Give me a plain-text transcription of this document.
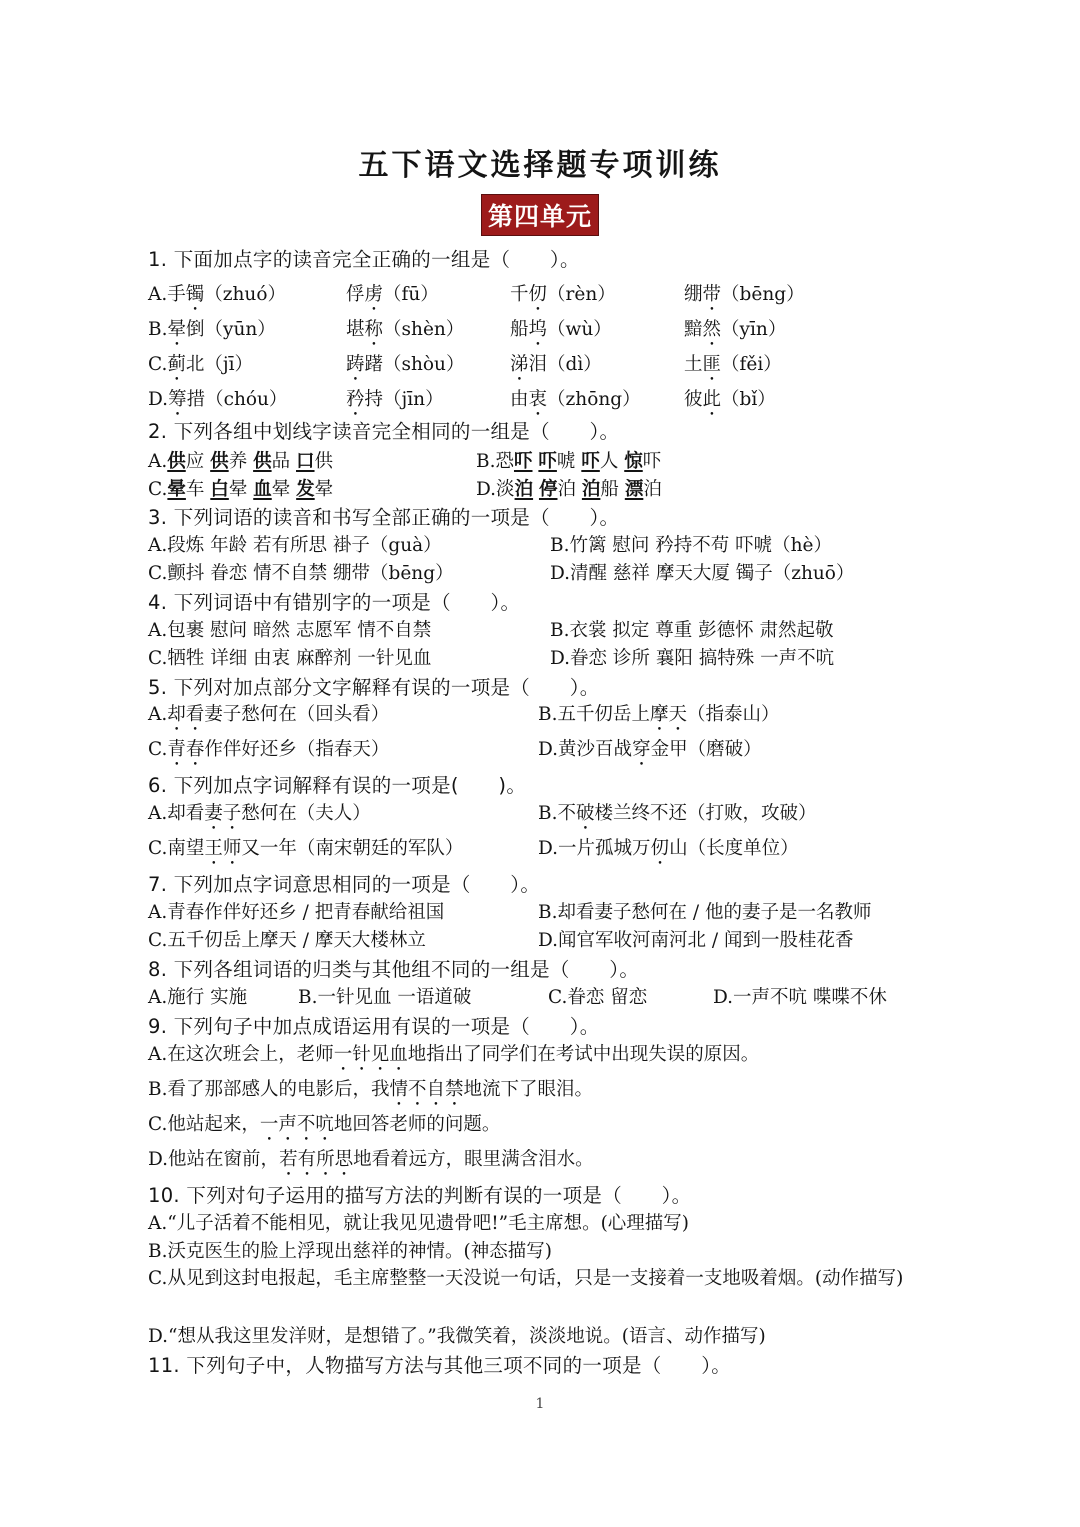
五下语文选择题专项训练
第四单元
1. 下面加点字的读音完全正确的一组是（　　）。
A.手镯（zhuó）	俘虏（fū）	千仞（rèn）	绷带（bēng）
B.晕倒（yūn）	堪称（shèn） 船坞（wù）	黯然（yīn）
C.蓟北（jī）	踌躇（shòu） 涕泪（dì）	土匪（fěi）
D.筹措（chóu）	矜持（jīn）	由衷（zhōng） 彼此（bǐ）
2. 下列各组中划线字读音完全相同的一组是（　　）。
A.供应 供养 供品 口供	B.恐吓 吓唬 吓人 惊吓
C.晕车 白晕 血晕 发晕	D.淡泊 停泊 泊船 漂泊
3. 下列词语的读音和书写全部正确的一项是（　　）。
A.段炼 年龄 若有所思 褂子（guà）	B.竹篱 慰问 矜持不苟 吓唬（hè）
C.颤抖 眷恋 情不自禁 绷带（bēng）	D.清醒 慈祥 摩天大厦 镯子（zhuō）
4. 下列词语中有错别字的一项是（　　）。
A.包裹 慰问 暗然 志愿军 情不自禁	B.衣裳 拟定 尊重 彭德怀 肃然起敬
C.牺牲 详细 由衷 麻醉剂 一针见血	D.眷恋 诊所 襄阳 搞特殊 一声不吭
5. 下列对加点部分文字解释有误的一项是（　　）。
A.却看妻子愁何在（回头看）	B.五千仞岳上摩天（指泰山）
C.青春作伴好还乡（指春天）	D.黄沙百战穿金甲（磨破）
6. 下列加点字词解释有误的一项是(　　)。
A.却看妻子愁何在（夫人）	B.不破楼兰终不还（打败，攻破）
C.南望王师又一年（南宋朝廷的军队）	D.一片孤城万仞山（长度单位）
7. 下列加点字词意思相同的一项是（　　）。
A.青春作伴好还乡 / 把青春献给祖国	B.却看妻子愁何在 / 他的妻子是一名教师
C.五千仞岳上摩天 / 摩天大楼林立	D.闻官军收河南河北 / 闻到一股桂花香
8. 下列各组词语的归类与其他组不同的一组是（　　）。
A.施行 实施	B.一针见血 一语道破	C.眷恋 留恋	D.一声不吭 喋喋不休
9. 下列句子中加点成语运用有误的一项是（　　）。
A.在这次班会上，老师一针见血地指出了同学们在考试中出现失误的原因。
B.看了那部感人的电影后，我情不自禁地流下了眼泪。
C.他站起来，一声不吭地回答老师的问题。
D.他站在窗前，若有所思地看着远方，眼里满含泪水。
10. 下列对句子运用的描写方法的判断有误的一项是（　　）。
A.“儿子活着不能相见，就让我见见遗骨吧!”毛主席想。(心理描写)
B.沃克医生的脸上浮现出慈祥的神情。(神态描写)
C.从见到这封电报起，毛主席整整一天没说一句话，只是一支接着一支地吸着烟。(动作描写)
D.“想从我这里发洋财，是想错了。”我微笑着，淡淡地说。(语言、动作描写)
11. 下列句子中，人物描写方法与其他三项不同的一项是（　　）。
1
